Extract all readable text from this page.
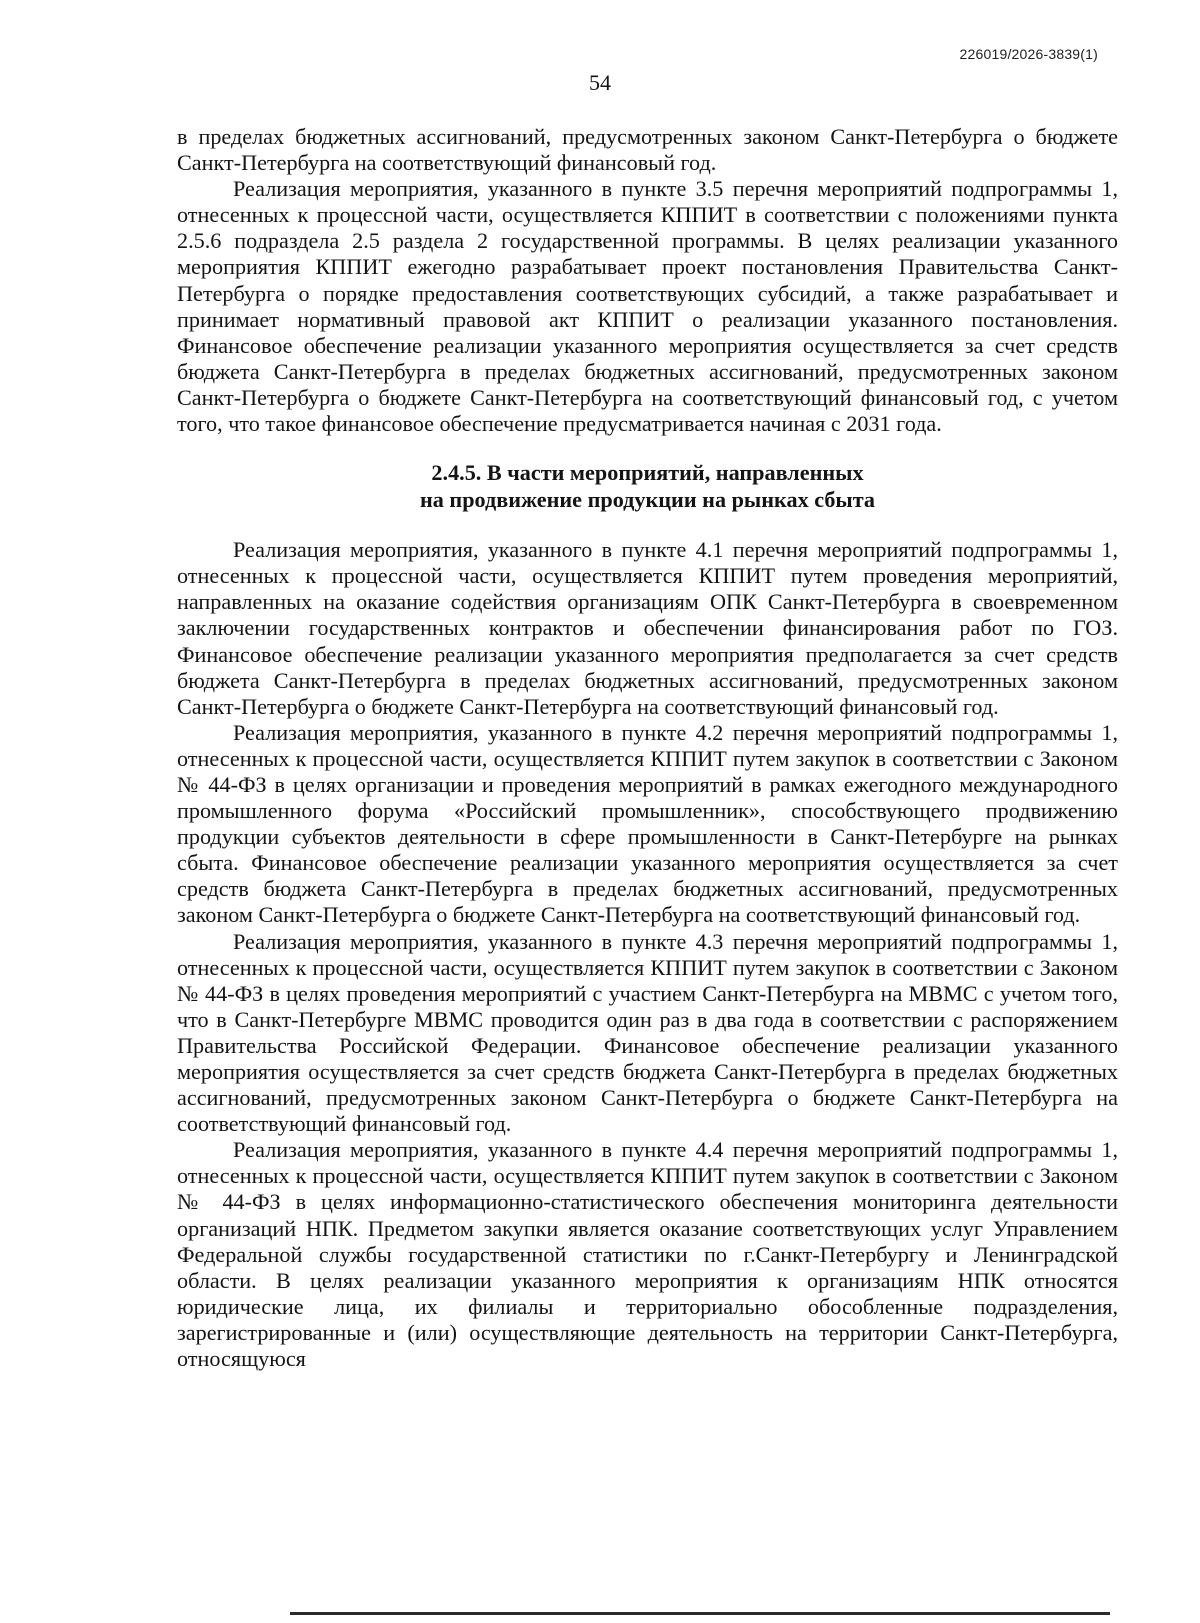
226019/2026-3839(1)
54

в пределах бюджетных ассигнований, предусмотренных законом Санкт-Петербурга о бюджете Санкт-Петербурга на соответствующий финансовый год.

Реализация мероприятия, указанного в пункте 3.5 перечня мероприятий подпрограммы 1, отнесенных к процессной части, осуществляется КППИТ в соответствии с положениями пункта 2.5.6 подраздела 2.5 раздела 2 государственной программы. В целях реализации указанного мероприятия КППИТ ежегодно разрабатывает проект постановления Правительства Санкт-Петербурга о порядке предоставления соответствующих субсидий, а также разрабатывает и принимает нормативный правовой акт КППИТ о реализации указанного постановления. Финансовое обеспечение реализации указанного мероприятия осуществляется за счет средств бюджета Санкт-Петербурга в пределах бюджетных ассигнований, предусмотренных законом Санкт-Петербурга о бюджете Санкт-Петербурга на соответствующий финансовый год, с учетом того, что такое финансовое обеспечение предусматривается начиная с 2031 года.

2.4.5. В части мероприятий, направленных
на продвижение продукции на рынках сбыта

Реализация мероприятия, указанного в пункте 4.1 перечня мероприятий подпрограммы 1, отнесенных к процессной части, осуществляется КППИТ путем проведения мероприятий, направленных на оказание содействия организациям ОПК Санкт-Петербурга в своевременном заключении государственных контрактов и обеспечении финансирования работ по ГОЗ. Финансовое обеспечение реализации указанного мероприятия предполагается за счет средств бюджета Санкт-Петербурга в пределах бюджетных ассигнований, предусмотренных законом Санкт-Петербурга о бюджете Санкт-Петербурга на соответствующий финансовый год.

Реализация мероприятия, указанного в пункте 4.2 перечня мероприятий подпрограммы 1, отнесенных к процессной части, осуществляется КППИТ путем закупок в соответствии с Законом № 44-ФЗ в целях организации и проведения мероприятий в рамках ежегодного международного промышленного форума «Российский промышленник», способствующего продвижению продукции субъектов деятельности в сфере промышленности в Санкт-Петербурге на рынках сбыта. Финансовое обеспечение реализации указанного мероприятия осуществляется за счет средств бюджета Санкт-Петербурга в пределах бюджетных ассигнований, предусмотренных законом Санкт-Петербурга о бюджете Санкт-Петербурга на соответствующий финансовый год.

Реализация мероприятия, указанного в пункте 4.3 перечня мероприятий подпрограммы 1, отнесенных к процессной части, осуществляется КППИТ путем закупок в соответствии с Законом № 44-ФЗ в целях проведения мероприятий с участием Санкт-Петербурга на МВМС с учетом того, что в Санкт-Петербурге МВМС проводится один раз в два года в соответствии с распоряжением Правительства Российской Федерации. Финансовое обеспечение реализации указанного мероприятия осуществляется за счет средств бюджета Санкт-Петербурга в пределах бюджетных ассигнований, предусмотренных законом Санкт-Петербурга о бюджете Санкт-Петербурга на соответствующий финансовый год.

Реализация мероприятия, указанного в пункте 4.4 перечня мероприятий подпрограммы 1, отнесенных к процессной части, осуществляется КППИТ путем закупок в соответствии с Законом № 44-ФЗ в целях информационно-статистического обеспечения мониторинга деятельности организаций НПК. Предметом закупки является оказание соответствующих услуг Управлением Федеральной службы государственной статистики по г.Санкт-Петербургу и Ленинградской области. В целях реализации указанного мероприятия к организациям НПК относятся юридические лица, их филиалы и территориально обособленные подразделения, зарегистрированные и (или) осуществляющие деятельность на территории Санкт-Петербурга, относящуюся
